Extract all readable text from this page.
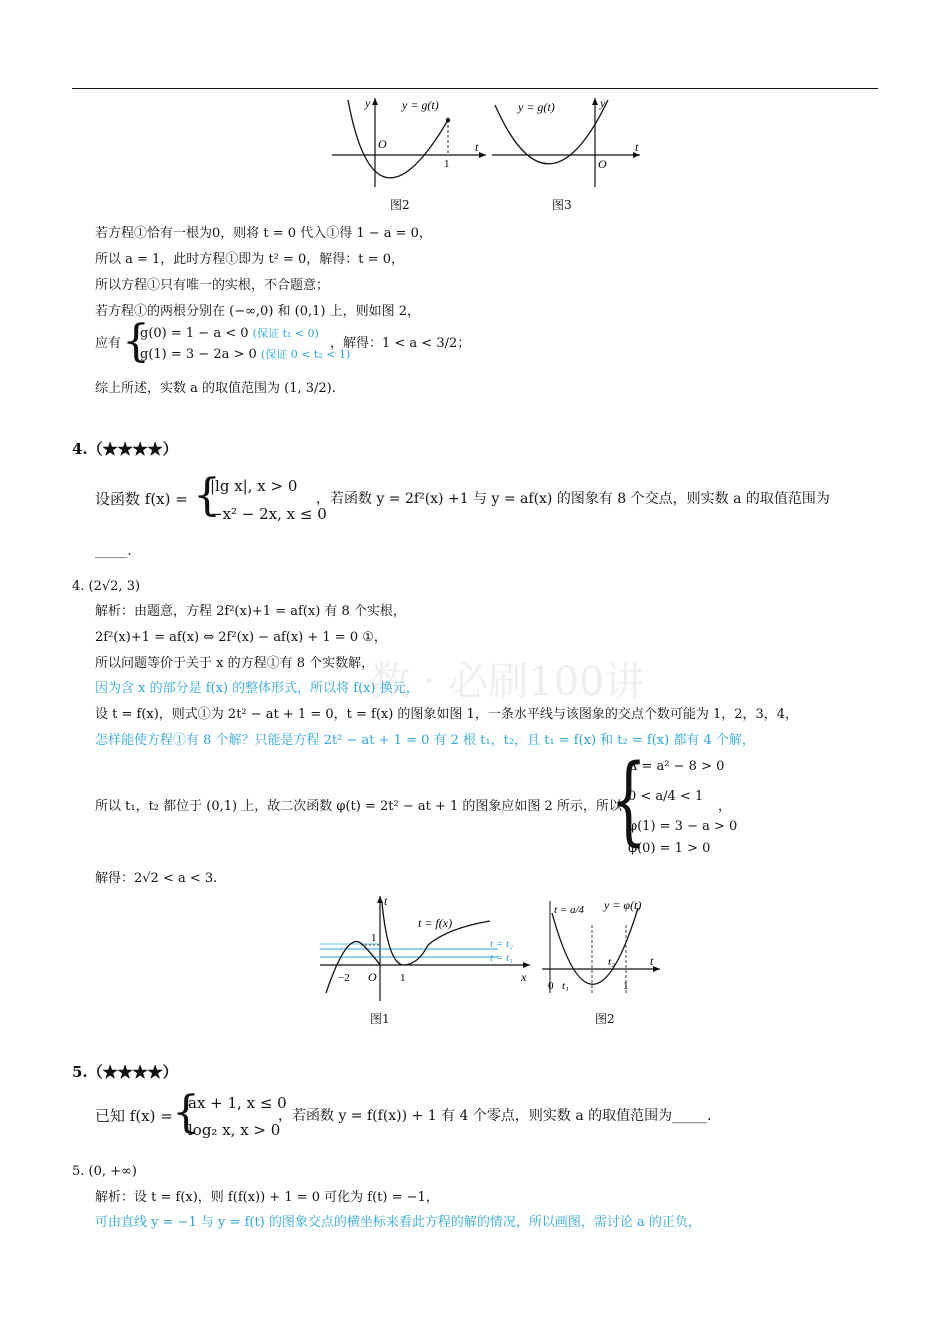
数 · 必刷100讲
y
t
O
y = g(t)
1
图2
y
t
O
y = g(t)
图3
若方程①恰有一根为0，则将 t = 0 代入①得 1 − a = 0，
所以 a = 1，此时方程①即为 t² = 0，解得：t = 0，
所以方程①只有唯一的实根，不合题意；
若方程①的两根分别在 (−∞,0) 和 (0,1) 上，则如图 2，
应有 {
g(0) = 1 − a < 0 (保证 t₁ < 0)
g(1) = 3 − 2a > 0 (保证 0 < t₂ < 1)
，解得：1 < a < 3/2；
综上所述，实数 a 的取值范围为 (1, 3/2).
4.（★★★★）
设函数 f(x) = {
|lg x|, x > 0
−x² − 2x, x ≤ 0
，若函数 y = 2f²(x) +1 与 y = af(x) 的图象有 8 个交点，则实数 a 的取值范围为
_____.
4. (2√2, 3)
解析：由题意，方程 2f²(x)+1 = af(x) 有 8 个实根，
2f²(x)+1 = af(x) ⇔ 2f²(x) − af(x) + 1 = 0 ①，
所以问题等价于关于 x 的方程①有 8 个实数解，
因为含 x 的部分是 f(x) 的整体形式，所以将 f(x) 换元，
设 t = f(x)，则式①为 2t² − at + 1 = 0，t = f(x) 的图象如图 1，一条水平线与该图象的交点个数可能为 1，2，3，4，
怎样能使方程①有 8 个解？只能是方程 2t² − at + 1 = 0 有 2 根 t₁，t₂，且 t₁ = f(x) 和 t₂ = f(x) 都有 4 个解，
所以 t₁，t₂ 都位于 (0,1) 上，故二次函数 φ(t) = 2t² − at + 1 的图象应如图 2 所示，所以
{
Δ = a² − 8 > 0
0 < a/4 < 1
φ(1) = 3 − a > 0
φ(0) = 1 > 0
，
解得：2√2 < a < 3.
t
x
O
−2	1
1
t = f(x)
t = t₂
t = t₁
图1
t
0	1
t₁
t₂
t = a/4 y = φ(t)
图2
5.（★★★★）
已知 f(x) = {
ax + 1, x ≤ 0
log₂ x, x > 0
，若函数 y = f(f(x)) + 1 有 4 个零点，则实数 a 的取值范围为_____.
5. (0, +∞)
解析：设 t = f(x)，则 f(f(x)) + 1 = 0 可化为 f(t) = −1，
可由直线 y = −1 与 y = f(t) 的图象交点的横坐标来看此方程的解的情况，所以画图，需讨论 a 的正负，
